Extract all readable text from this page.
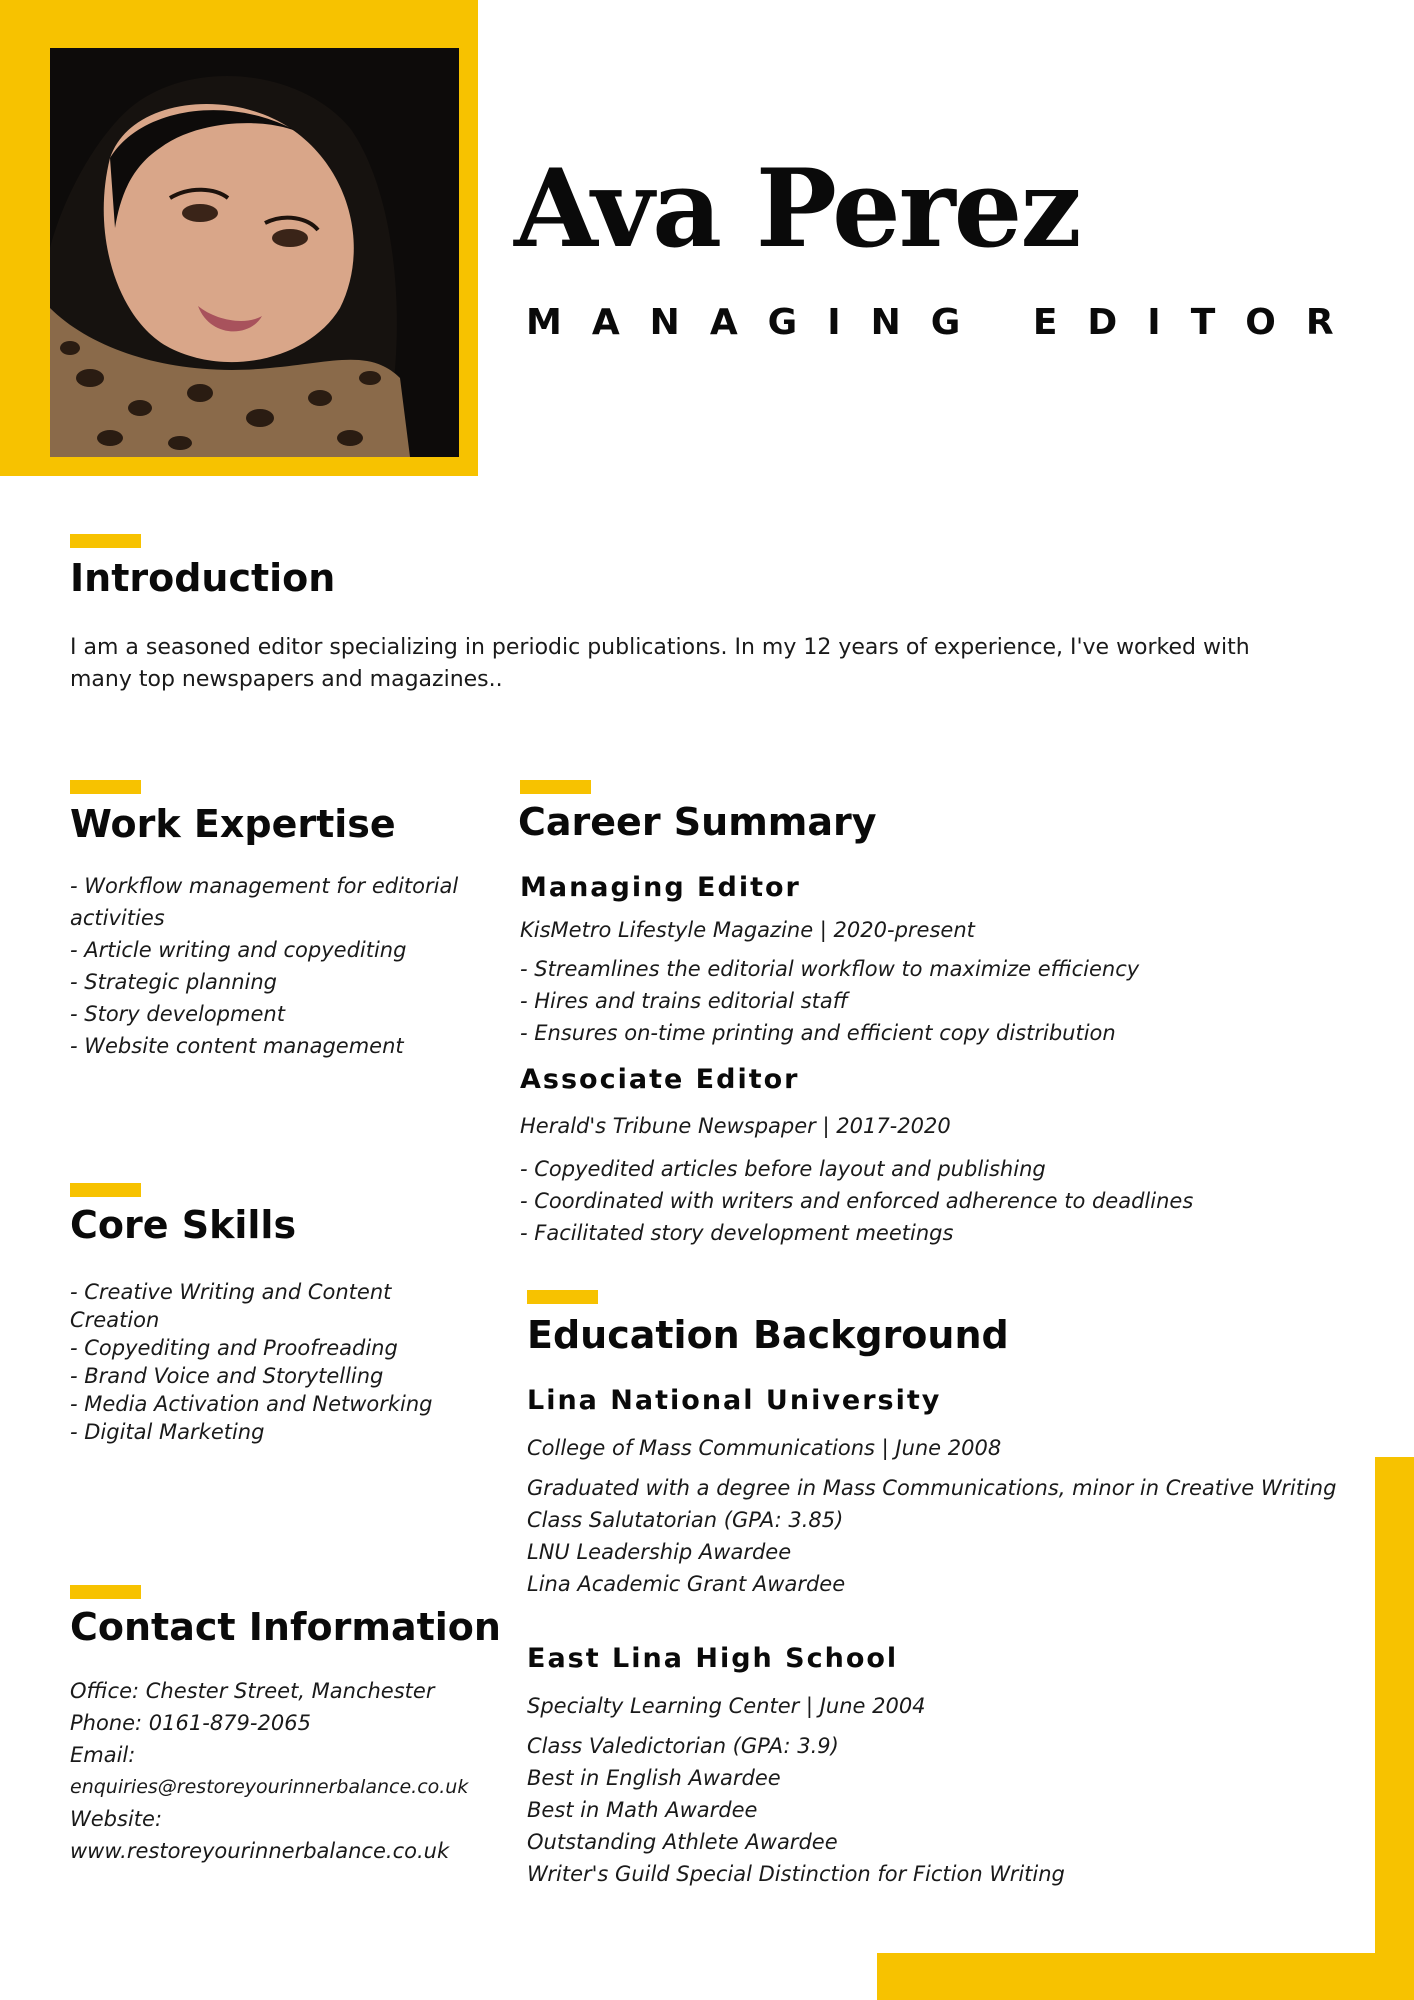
Ava Perez
MANAGING EDITOR
Introduction
I am a seasoned editor specializing in periodic publications. In my 12 years of experience, I've worked with many top newspapers and magazines..
Work Expertise
- Workflow management for editorial activities
- Article writing and copyediting
- Strategic planning
- Story development
- Website content management
Core Skills
- Creative Writing and Content Creation
- Copyediting and Proofreading
- Brand Voice and Storytelling
- Media Activation and Networking
- Digital Marketing
Contact Information
Office: Chester Street, Manchester
Phone: 0161-879-2065
Email:
enquiries@restoreyourinnerbalance.co.uk
Website:
www.restoreyourinnerbalance.co.uk
Career Summary
Managing Editor
KisMetro Lifestyle Magazine | 2020-present
- Streamlines the editorial workflow to maximize efficiency
- Hires and trains editorial staff
- Ensures on-time printing and efficient copy distribution
Associate Editor
Herald's Tribune Newspaper | 2017-2020
- Copyedited articles before layout and publishing
- Coordinated with writers and enforced adherence to deadlines
- Facilitated story development meetings
Education Background
Lina National University
College of Mass Communications | June 2008
Graduated with a degree in Mass Communications, minor in Creative Writing
Class Salutatorian (GPA: 3.85)
LNU Leadership Awardee
Lina Academic Grant Awardee
East Lina High School
Specialty Learning Center | June 2004
Class Valedictorian (GPA: 3.9)
Best in English Awardee
Best in Math Awardee
Outstanding Athlete Awardee
Writer's Guild Special Distinction for Fiction Writing
